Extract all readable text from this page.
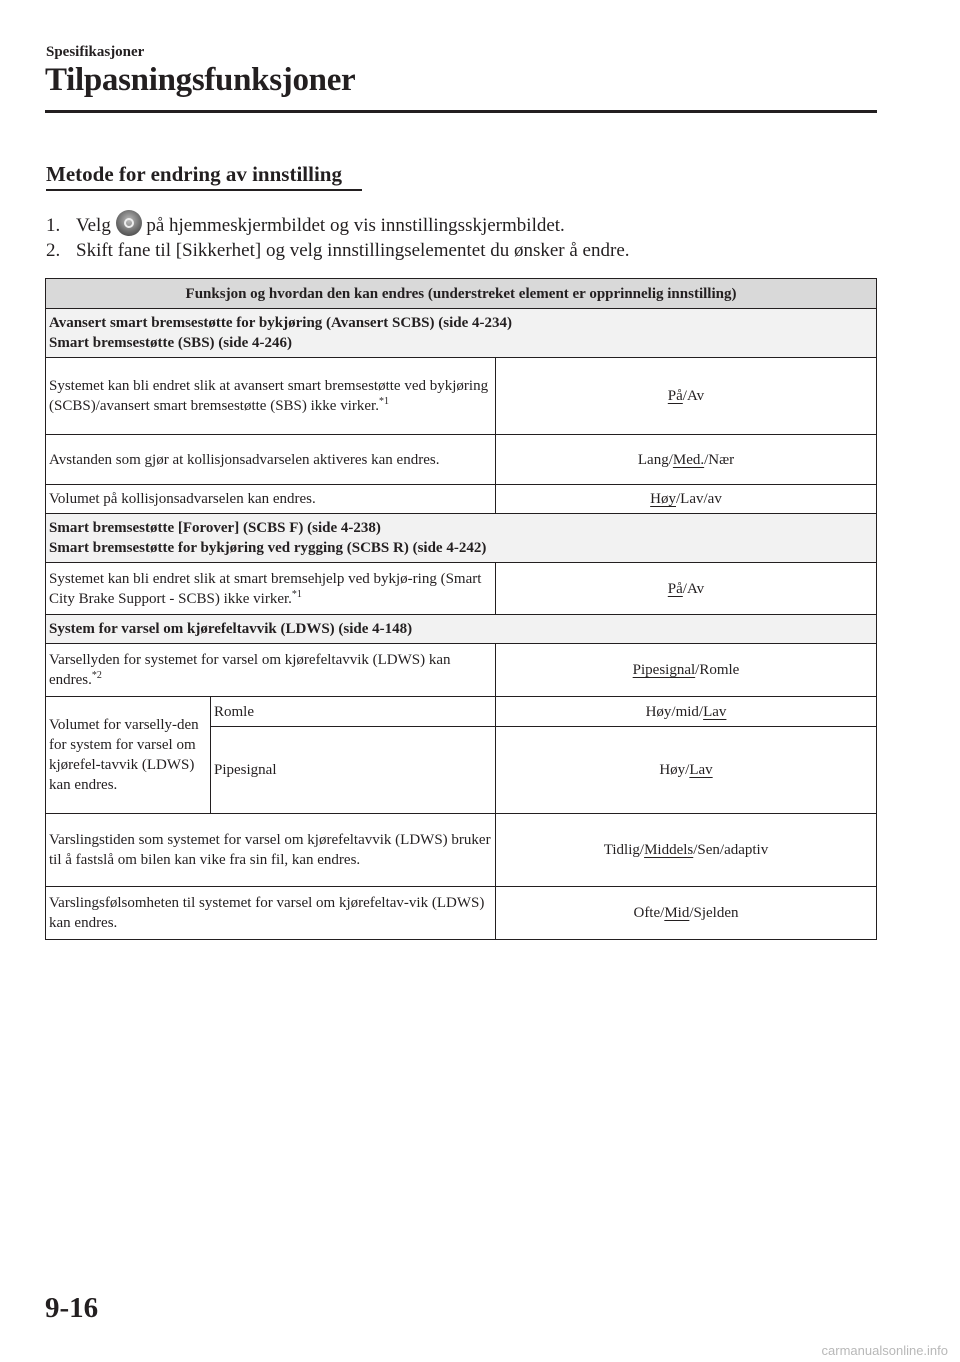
Spesifikasjoner
Tilpasningsfunksjoner
Metode for endring av innstilling
1. Velg på hjemmeskjermbildet og vis innstillingsskjermbildet.
2. Skift fane til [Sikkerhet] og velg innstillingselementet du ønsker å endre.
Funksjon og hvordan den kan endres (understreket element er opprinnelig innstilling)		
Avansert smart bremsestøtte for bykjøring (Avansert SCBS) (side 4-234)
Smart bremsestøtte (SBS) (side 4-246)		
Systemet kan bli endret slik at avansert smart bremsestøtte ved bykjøring (SCBS)/avansert smart bremsestøtte (SBS) ikke virker.$^{*1}$		På/Av
Avstanden som gjør at kollisjonsadvarselen aktiveres kan endres.		Lang/Med./Nær
Volumet på kollisjonsadvarselen kan endres.		Høy/Lav/av
Smart bremsestøtte [Forover] (SCBS F) (side 4-238)
Smart bremsestøtte for bykjøring ved rygging (SCBS R) (side 4-242)		
Systemet kan bli endret slik at smart bremsehjelp ved bykjø-ring (Smart City Brake Support - SCBS) ikke virker.$^{*1}$		På/Av
System for varsel om kjørefeltavvik (LDWS) (side 4-148)		
Varsellyden for systemet for varsel om kjørefeltavvik (LDWS) kan endres.$^{*2}$		Pipesignal/Romle
Volumet for varselly-den for system for varsel om kjørefel-tavvik (LDWS) kan endres.	Romle	Høy/mid/Lav
	Pipesignal	Høy/Lav
Varslingstiden som systemet for varsel om kjørefeltavvik (LDWS) bruker til å fastslå om bilen kan vike fra sin fil, kan endres.		Tidlig/Middels/Sen/adaptiv
Varslingsfølsomheten til systemet for varsel om kjørefeltav-vik (LDWS) kan endres.		Ofte/Mid/Sjelden
9-16
carmanualsonline.info
